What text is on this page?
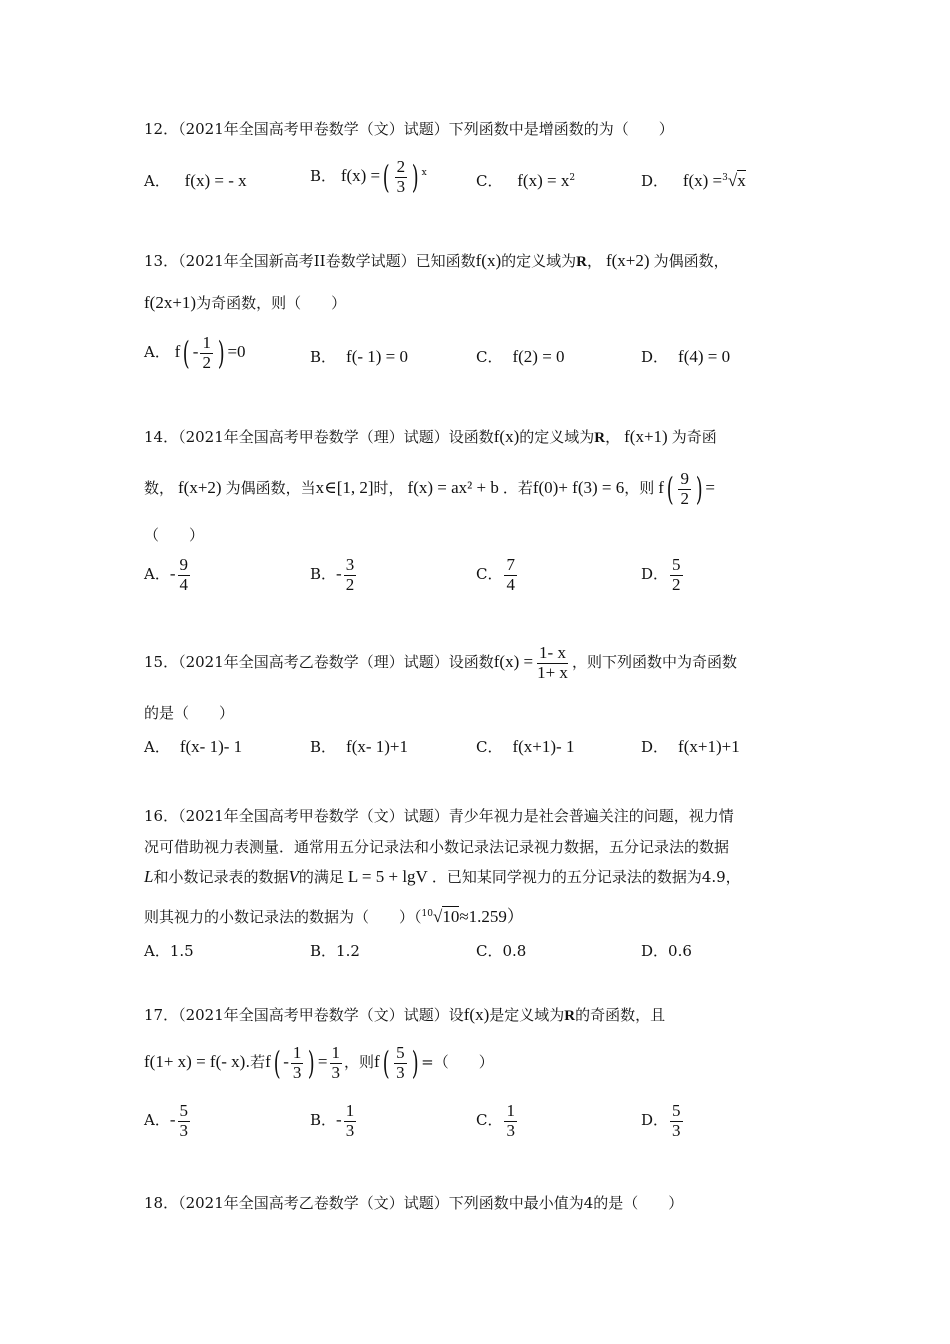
12．（2021年全国高考甲卷数学（文）试题）下列函数中是增函数的为（　　）
A． f(x) = - x	B． f(x) =( $\frac{2}{3}$ ) $^x$	C． $f(x) = x^2$	D． f(x) =$^3$√x
13．（2021年全国新高考II卷数学试题）已知函数f(x)的定义域为R， f(x+2) 为偶函数，
f(2x+1)为奇函数，则（　　）
A． $f( - \frac{1}{2}$ ) =0	B． f(- 1) = 0	C． f(2) = 0	D． f(4) = 0
14．（2021年全国高考甲卷数学（理）试题）设函数f(x)的定义域为R， f(x+1) 为奇函
数， f(x+2) 为偶函数，当x∈[1, 2]时， f(x) = ax² + b ．若f(0)+ f(3) = 6，则 $f( \frac{9}{2}$ ) =
（　　）
A．- $\frac{9}{4}$	B．- $\frac{3}{2}$	C． $\frac{7}{4}$	D． $\frac{5}{2}$
15．（2021年全国高考乙卷数学（理）试题）设函数$f(x) = \frac{1- x}{1+ x}$ ，则下列函数中为奇函数
的是（　　）
A． f(x- 1)- 1	B． f(x- 1)+1	C． f(x+1)- 1	D． f(x+1)+1
16．（2021年全国高考甲卷数学（文）试题）青少年视力是社会普遍关注的问题，视力情
况可借助视力表测量．通常用五分记录法和小数记录法记录视力数据，五分记录法的数据
L和小数记录表的数据V的满足 L = 5 + lgV ．已知某同学视力的五分记录法的数据为4.9，
则其视力的小数记录法的数据为（　　）（$^{10}$√10≈1.259）
A．1.5	B．1.2	C．0.8	D．0.6
17．（2021年全国高考甲卷数学（文）试题）设f(x)是定义域为R的奇函数，且
f(1+ x) = f(- x).若$f( - \frac{1}{3}$ ) = $\frac{1}{3}$ ，则$f( \frac{5}{3}$ ) =（　　）
A．- $\frac{5}{3}$	B．- $\frac{1}{3}$	C． $\frac{1}{3}$	D． $\frac{5}{3}$
18．（2021年全国高考乙卷数学（文）试题）下列函数中最小值为4的是（　　）
